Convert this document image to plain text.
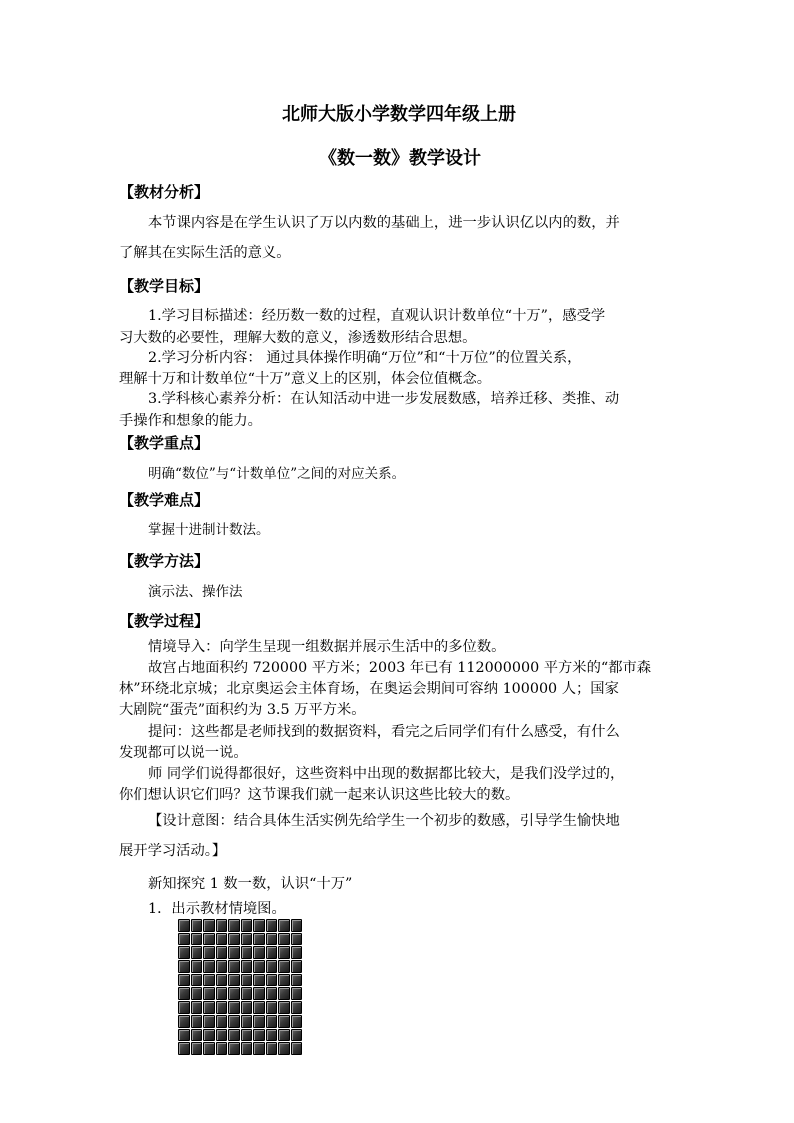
北师大版小学数学四年级上册
《数一数》教学设计
【教材分析】
本节课内容是在学生认识了万以内数的基础上，进一步认识亿以内的数，并
了解其在实际生活的意义。
【教学目标】
1.学习目标描述：经历数一数的过程，直观认识计数单位“十万”，感受学
习大数的必要性，理解大数的意义，渗透数形结合思想。
2.学习分析内容： 通过具体操作明确“万位”和“十万位”的位置关系，
理解十万和计数单位“十万”意义上的区别，体会位值概念。
3.学科核心素养分析：在认知活动中进一步发展数感，培养迁移、类推、动
手操作和想象的能力。
【教学重点】
明确“数位”与“计数单位”之间的对应关系。
【教学难点】
掌握十进制计数法。
【教学方法】
演示法、操作法
【教学过程】
情境导入：向学生呈现一组数据并展示生活中的多位数。
故宫占地面积约 720000 平方米；2003 年已有 112000000 平方米的“都市森
林”环绕北京城；北京奥运会主体育场，在奥运会期间可容纳 100000 人；国家
大剧院“蛋壳”面积约为 3.5 万平方米。
提问：这些都是老师找到的数据资料，看完之后同学们有什么感受，有什么
发现都可以说一说。
师 同学们说得都很好，这些资料中出现的数据都比较大，是我们没学过的，
你们想认识它们吗？这节课我们就一起来认识这些比较大的数。
【设计意图：结合具体生活实例先给学生一个初步的数感，引导学生愉快地
展开学习活动。】
新知探究 1 数一数，认识“十万”
1．出示教材情境图。
